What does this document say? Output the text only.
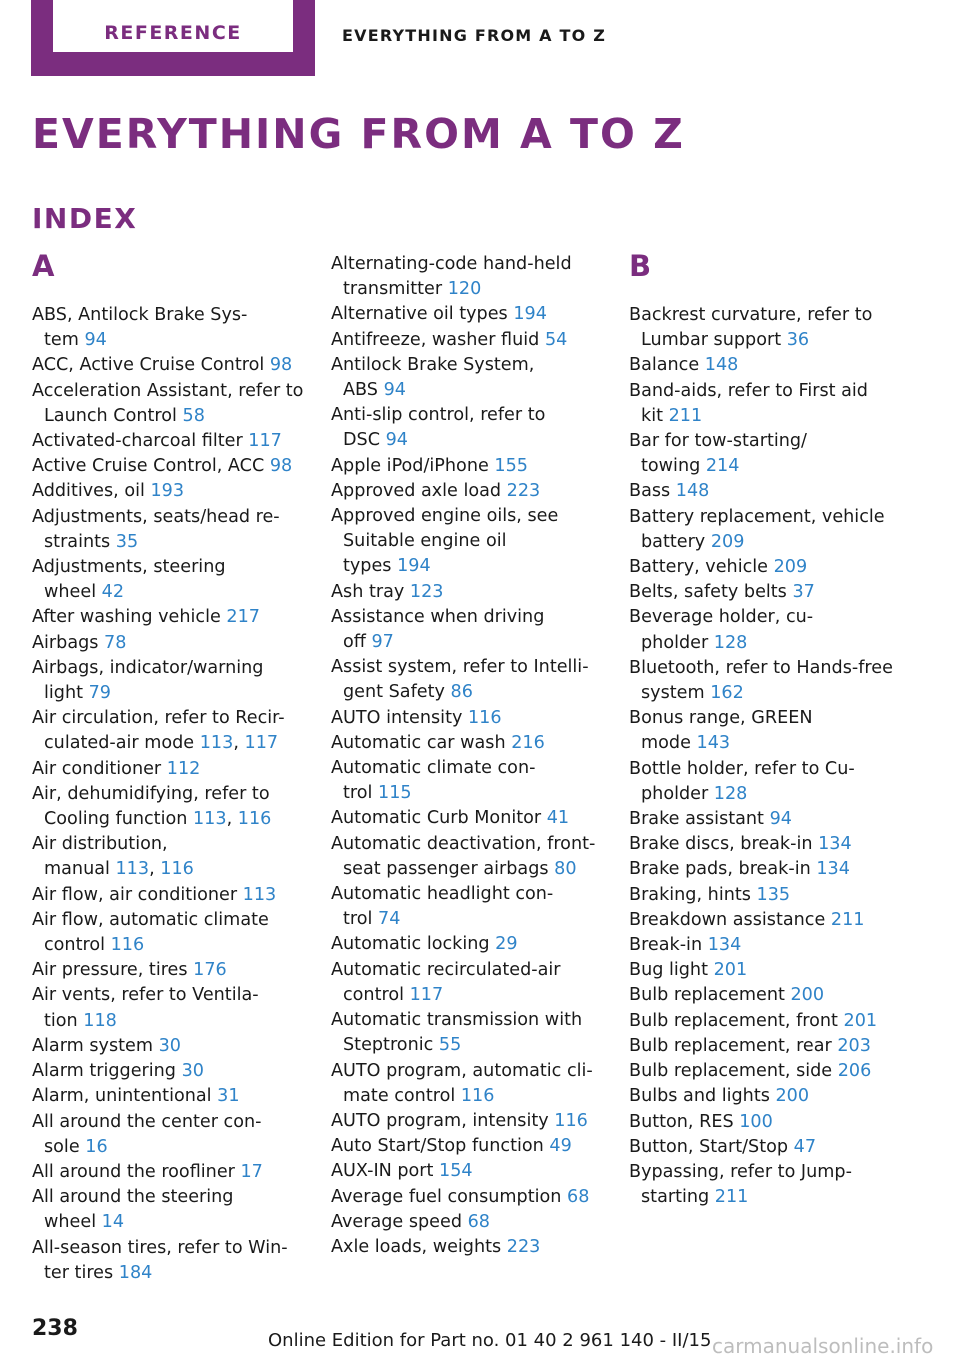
REFERENCE	EVERYTHING FROM A TO Z
EVERYTHING FROM A TO Z
INDEX
A
ABS, Antilock Brake Sys-
tem 94
ACC, Active Cruise Control 98
Acceleration Assistant, refer to
Launch Control 58
Activated-charcoal filter 117
Active Cruise Control, ACC 98
Additives, oil 193
Adjustments, seats/head re-
straints 35
Adjustments, steering
wheel 42
After washing vehicle 217
Airbags 78
Airbags, indicator/warning
light 79
Air circulation, refer to Recir-
culated-air mode 113, 117
Air conditioner 112
Air, dehumidifying, refer to
Cooling function 113, 116
Air distribution,
manual 113, 116
Air flow, air conditioner 113
Air flow, automatic climate
control 116
Air pressure, tires 176
Air vents, refer to Ventila-
tion 118
Alarm system 30
Alarm triggering 30
Alarm, unintentional 31
All around the center con-
sole 16
All around the roofliner 17
All around the steering
wheel 14
All-season tires, refer to Win-
ter tires 184
Alternating-code hand-held
transmitter 120
Alternative oil types 194
Antifreeze, washer fluid 54
Antilock Brake System,
ABS 94
Anti-slip control, refer to
DSC 94
Apple iPod/iPhone 155
Approved axle load 223
Approved engine oils, see
Suitable engine oil
types 194
Ash tray 123
Assistance when driving
off 97
Assist system, refer to Intelli-
gent Safety 86
AUTO intensity 116
Automatic car wash 216
Automatic climate con-
trol 115
Automatic Curb Monitor 41
Automatic deactivation, front-
seat passenger airbags 80
Automatic headlight con-
trol 74
Automatic locking 29
Automatic recirculated-air
control 117
Automatic transmission with
Steptronic 55
AUTO program, automatic cli-
mate control 116
AUTO program, intensity 116
Auto Start/Stop function 49
AUX-IN port 154
Average fuel consumption 68
Average speed 68
Axle loads, weights 223
B
Backrest curvature, refer to
Lumbar support 36
Balance 148
Band-aids, refer to First aid
kit 211
Bar for tow-starting/
towing 214
Bass 148
Battery replacement, vehicle
battery 209
Battery, vehicle 209
Belts, safety belts 37
Beverage holder, cu-
pholder 128
Bluetooth, refer to Hands-free
system 162
Bonus range, GREEN
mode 143
Bottle holder, refer to Cu-
pholder 128
Brake assistant 94
Brake discs, break-in 134
Brake pads, break-in 134
Braking, hints 135
Breakdown assistance 211
Break-in 134
Bug light 201
Bulb replacement 200
Bulb replacement, front 201
Bulb replacement, rear 203
Bulb replacement, side 206
Bulbs and lights 200
Button, RES 100
Button, Start/Stop 47
Bypassing, refer to Jump-
starting 211
238	Online Edition for Part no. 01 40 2 961 140 - II/15 carmanualsonline.info
